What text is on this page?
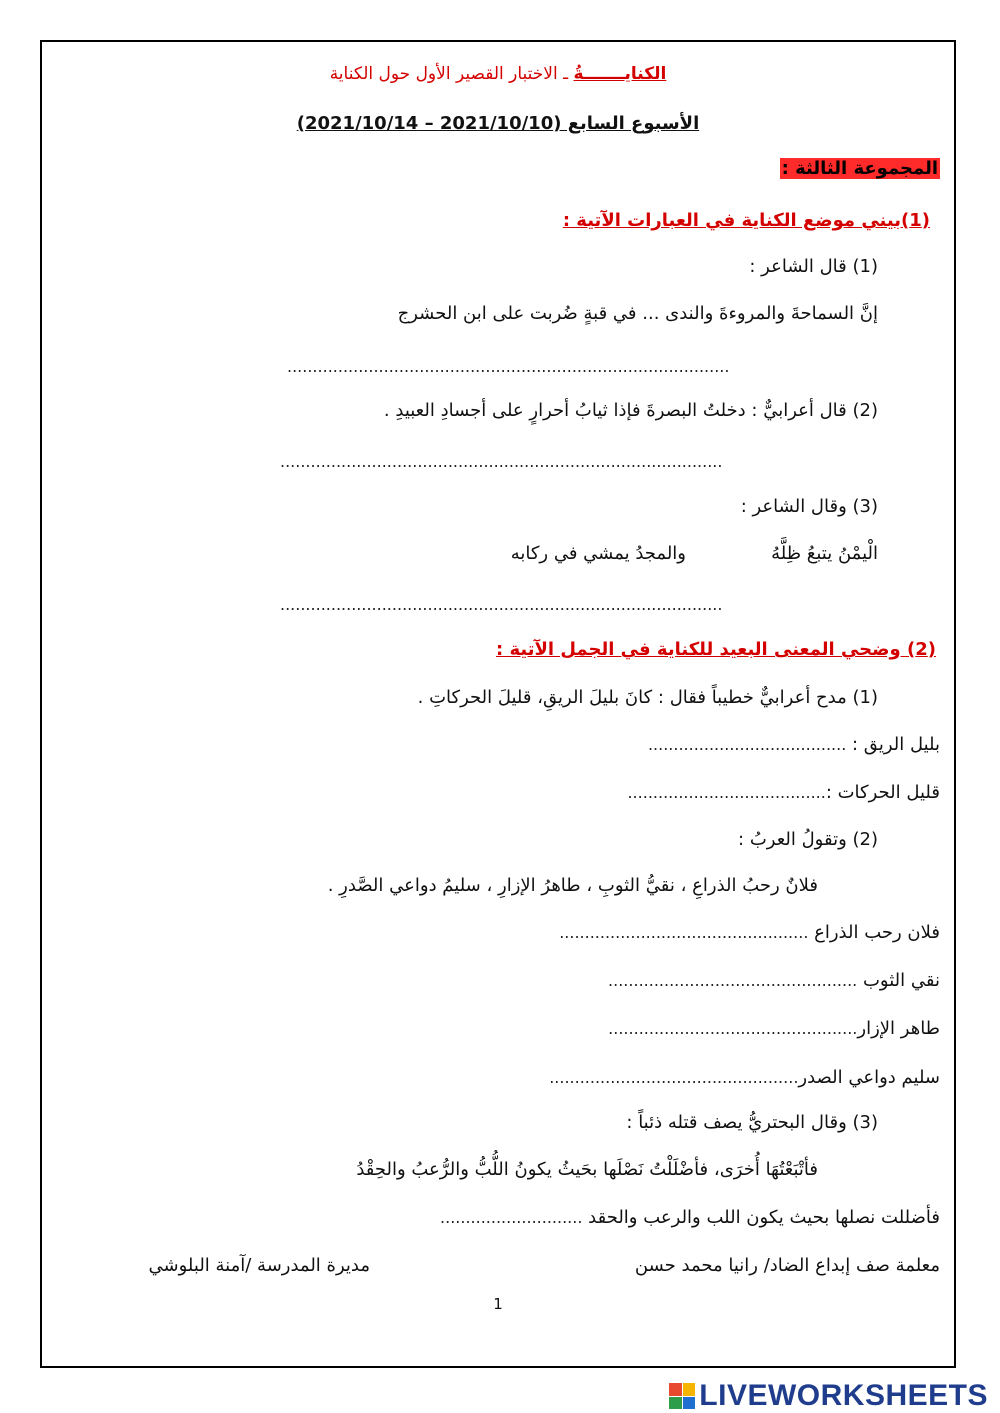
الكنايـــــــةُ ـ الاختبار القصير الأول حول الكناية
الأسبوع السابع (2021/10/10 – 2021/10/14)
المجموعة الثالثة :
(1)بيني موضع الكناية في العبارات الآتية :
(1) قال الشاعر :
إنَّ السماحةَ والمروءةَ والندى ... في قبةٍ ضُربت على ابن الحشرج
.......................................................................................
(2) قال أعرابيٌّ : دخلتُ البصرةَ فإذا ثيابُ أحرارٍ على أجسادِ العبيدِ .
.......................................................................................
(3) وقال الشاعر :
الْيمْنُ يتبعُ ظِلَّهُ
والمجدُ يمشي في ركابه
.......................................................................................
(2) وضحي المعنى البعيد للكناية في الجمل الآتية :
(1) مدح أعرابيٌّ خطيباً فقال : كانَ بليلَ الريقِ، قليلَ الحركاتِ .
بليل الريق : .......................................
قليل الحركات :.......................................
(2) وتقولُ العربُ :
فلانٌ رحبُ الذراعِ ، نقيُّ الثوبِ ، طاهرُ الإزارِ ، سليمُ دواعي الصَّدرِ .
فلان رحب الذراع .................................................
نقي الثوب .................................................
طاهر الإزار.................................................
سليم دواعي الصدر.................................................
(3) وقال البحتريُّ يصف قتله ذئباً :
فأتْبَعْتُهَا أُخرَى، فأضْلَلْتُ نَصْلَها بحَيثُ يكونُ اللُّبُّ والرُّعبُ والحِقْدُ
فأضللت نصلها بحيث يكون اللب والرعب والحقد ............................
معلمة صف إبداع الضاد/ رانيا محمد حسن
مديرة المدرسة /آمنة البلوشي
1
LIVEWORKSHEETS
